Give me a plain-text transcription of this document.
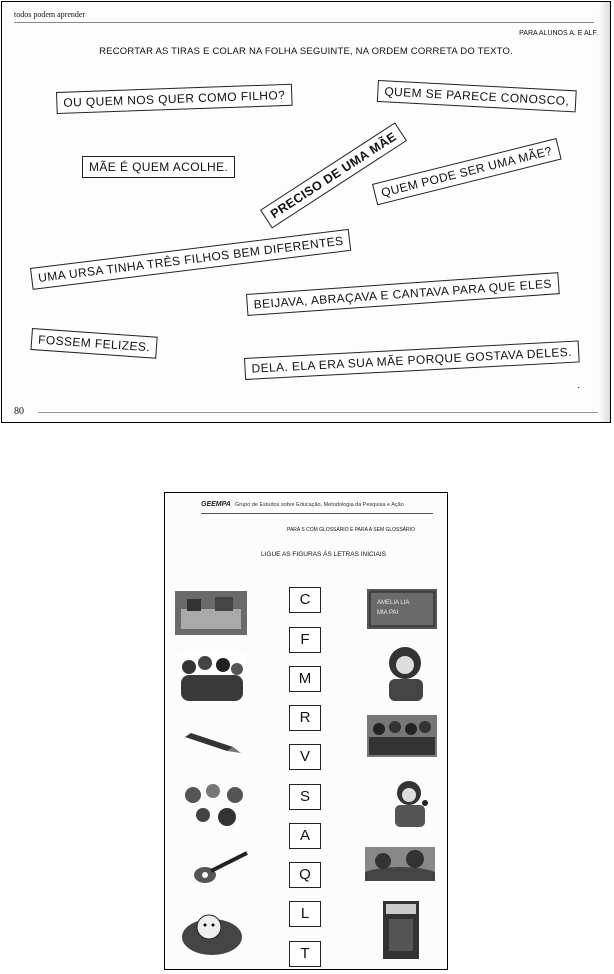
todos podem aprender
PARA ALUNOS A. E ALF.
RECORTAR AS TIRAS E COLAR NA FOLHA SEGUINTE, NA ORDEM CORRETA DO TEXTO.
OU QUEM NOS QUER COMO FILHO?	QUEM SE PARECE CONOSCO,
MÃE É QUEM ACOLHE.	PRECISO DE UMA MÃE
QUEM PODE SER UMA MÃE?
UMA URSA TINHA TRÊS FILHOS BEM DIFERENTES
BEIJAVA, ABRAÇAVA E CANTAVA PARA QUE ELES
FOSSEM FELIZES.
DELA. ELA ERA SUA MÃE PORQUE GOSTAVA DELES.
.
80
GEEMPA Grupo de Estudos sobre Educação, Metodologia da Pesquisa e Ação
PARA S COM GLOSSÁRIO E PARA A SEM GLOSSÁRIO
LIGUE AS FIGURAS ÀS LETRAS INICIAIS
C
F
M
R
V
S
A
Q
L
T
AMELIA LIA
MIA PAI
